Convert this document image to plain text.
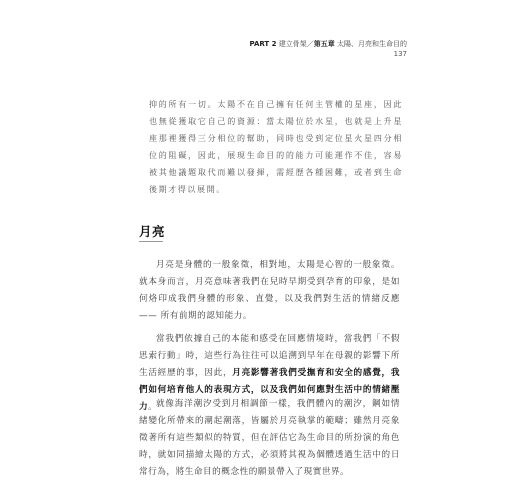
PART 2 建立骨架／第五章 太陽、月亮和生命目的
137

抑的所有一切。太陽不在自己擁有任何主管權的星座，因此也無從獲取它自己的資源：當太陽位於水星，也就是上升星座那裡獲得三分相位的幫助，同時也受到定位星火星四分相位的阻礙，因此，展現生命目的的能力可能運作不佳，容易被其他議題取代而難以發揮，需經歷各種困難，或者到生命後期才得以展開。

月亮

月亮是身體的一般象徵，相對地，太陽是心智的一般象徵。就本身而言，月亮意味著我們在兒時早期受到孕育的印象，是如何烙印成我們身體的形象、直覺，以及我們對生活的情緒反應 —— 所有前期的認知能力。

當我們依據自己的本能和感受在回應情境時，當我們「不假思索行動」時，這些行為往往可以追溯到早年在母親的影響下所生活經歷的事，因此，月亮影響著我們受撫育和安全的感覺，我們如何培育他人的表現方式，以及我們如何應對生活中的情緒壓力。

就像海洋潮汐受到月相調節一樣，我們體內的潮汐，鋼如情緒變化所帶來的潮起潮落，皆屬於月亮執掌的範疇；雖然月亮象徵著所有這些類似的特質，但在評估它為生命目的所扮演的角色時，就如同描繪太陽的方式，必須將其視為個體透過生活中的日常行為，將生命目的概念性的願景帶入了現實世界。
